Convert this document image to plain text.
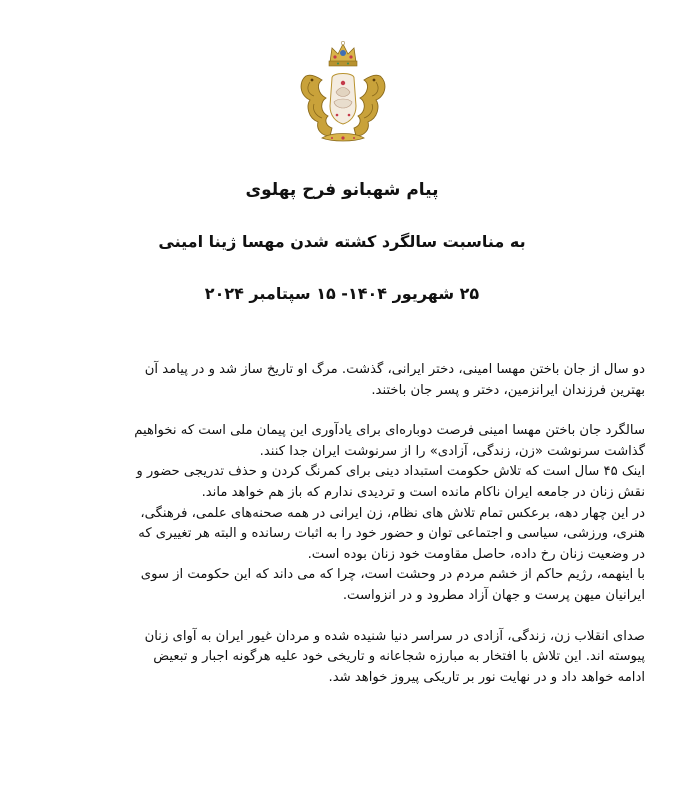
پیام شهبانو فرح پهلوی
به مناسبت سالگرد کشته شدن مهسا ژینا امینی
۲۵ شهریور ۱۴۰۴- ۱۵ سپتامبر ۲۰۲۴

دو سال از جان باختن مهسا امینی، دختر ایرانی، گذشت. مرگ او تاریخ ساز شد و در پیامد آن
بهترین فرزندان ایرانزمین، دختر و پسر جان باختند.

سالگرد جان باختن مهسا امینی فرصت دوباره‌ای برای یادآوری این پیمان ملی است که نخواهیم
گذاشت سرنوشت «زن، زندگی، آزادی» را از سرنوشت ایران جدا کنند.
اینک ۴۵ سال است که تلاش حکومت استبداد دینی برای کمرنگ کردن و حذف تدریجی حضور و
نقش زنان در جامعه ایران ناکام مانده است و تردیدی ندارم که باز هم خواهد ماند.
در این چهار دهه، برعکس تمام تلاش های نظام، زن ایرانی در همه صحنه‌های علمی، فرهنگی،
هنری، ورزشی، سیاسی و اجتماعی توان و حضور خود را به اثبات رسانده و البته هر تغییری که
در وضعیت زنان رخ داده، حاصل مقاومت خود زنان بوده است.
با اینهمه، رژیم حاکم از خشم مردم در وحشت است، چرا که می داند که این حکومت از سوی
ایرانیان میهن پرست و جهان آزاد مطرود و در انزواست.

صدای انقلاب زن، زندگی، آزادی در سراسر دنیا شنیده شده و مردان غیور ایران به آوای زنان
پیوسته اند. این تلاش با افتخار به مبارزه شجاعانه و تاریخی خود علیه هرگونه اجبار و تبعیض
ادامه خواهد داد و در نهایت نور بر تاریکی پیروز خواهد شد.
